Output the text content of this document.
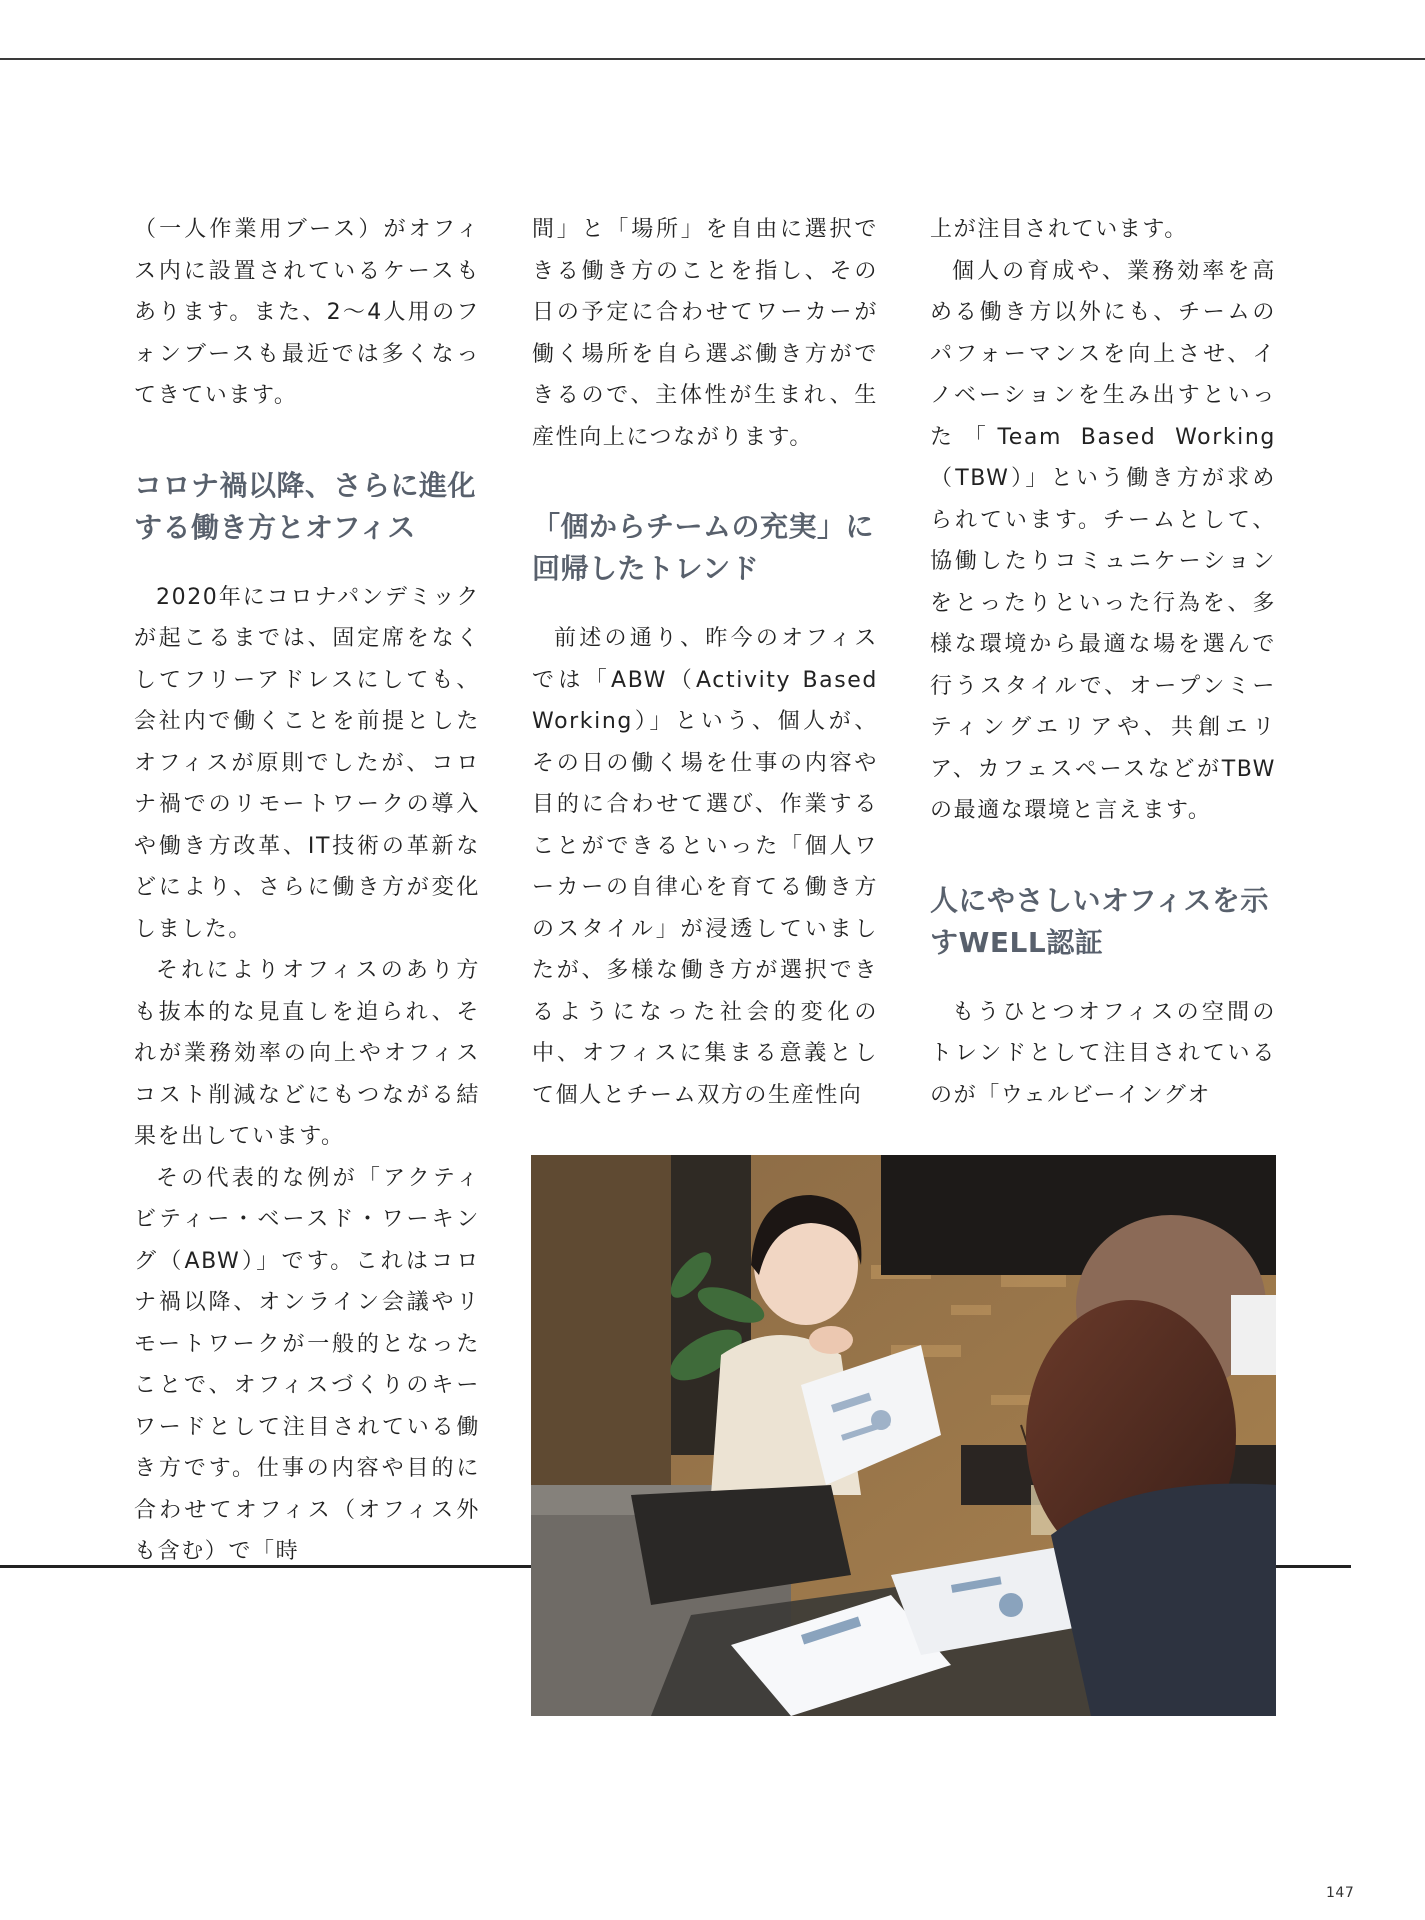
（一人作業用ブース）がオフィス内に設置されているケースもあります。また、2〜4人用のフォンブースも最近では多くなってきています。

コロナ禍以降、さらに進化する働き方とオフィス

2020年にコロナパンデミックが起こるまでは、固定席をなくしてフリーアドレスにしても、会社内で働くことを前提としたオフィスが原則でしたが、コロナ禍でのリモートワークの導入や働き方改革、IT技術の革新などにより、さらに働き方が変化しました。

それによりオフィスのあり方も抜本的な見直しを迫られ、それが業務効率の向上やオフィスコスト削減などにもつながる結果を出しています。

その代表的な例が「アクティビティー・ベースド・ワーキング（ABW）」です。これはコロナ禍以降、オンライン会議やリモートワークが一般的となったことで、オフィスづくりのキーワードとして注目されている働き方です。仕事の内容や目的に合わせてオフィス（オフィス外も含む）で「時

間」と「場所」を自由に選択できる働き方のことを指し、その日の予定に合わせてワーカーが働く場所を自ら選ぶ働き方ができるので、主体性が生まれ、生産性向上につながります。

「個からチームの充実」に回帰したトレンド

前述の通り、昨今のオフィスでは「ABW（Activity Based Working）」という、個人が、その日の働く場を仕事の内容や目的に合わせて選び、作業することができるといった「個人ワーカーの自律心を育てる働き方のスタイル」が浸透していましたが、多様な働き方が選択できるようになった社会的変化の中、オフィスに集まる意義として個人とチーム双方の生産性向

上が注目されています。

個人の育成や、業務効率を高める働き方以外にも、チームのパフォーマンスを向上させ、イノベーションを生み出すといった「Team Based Working（TBW）」という働き方が求められています。チームとして、協働したりコミュニケーションをとったりといった行為を、多様な環境から最適な場を選んで行うスタイルで、オープンミーティングエリアや、共創エリア、カフェスペースなどがTBWの最適な環境と言えます。

人にやさしいオフィスを示すWELL認証

もうひとつオフィスの空間のトレンドとして注目されているのが「ウェルビーイングオ

147
